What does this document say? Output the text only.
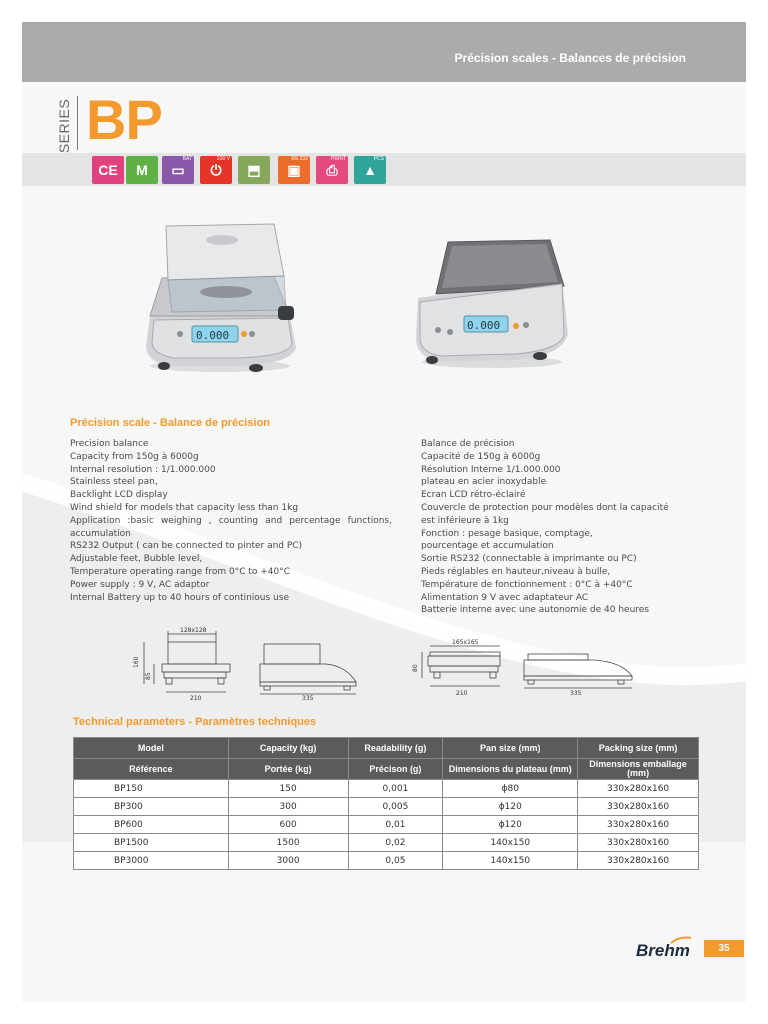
Précision scales - Balances de précision
SERIES BP
0.000
0.000
Précision scale - Balance de précision
Precision balance
Capacity from 150g à 6000g
Internal resolution : 1/1.000.000
Stainless steel pan,
Backlight LCD display
Wind shield for models that capacity less than 1kg
Application :basic weighing , counting and percentage functions,
accumulation
RS232 Output ( can be connected to pinter and PC)
Adjustable feet, Bubble level,
Temperature operating range from 0°C to +40°C
Power supply : 9 V, AC adaptor
Internal Battery up to 40 hours of continious use
Balance de précision
Capacité de 150g à 6000g
Résolution Interne 1/1.000.000
plateau en acier inoxydable
Ecran LCD rétro-éclairé
Couvercle de protection pour modèles dont la capacité
est inférieure à 1kg
Fonction : pesage basique, comptage,
pourcentage et accumulation
Sortie RS232 (connectable à imprimante ou PC)
Pieds réglables en hauteur,niveau à bulle,
Température de fonctionnement : 0°C à +40°C
Alimentation 9 V avec adaptateur AC
Batterie interne avec une autonomie de 40 heures
128x128
160
85
210	335
165x165
80
210	335
Technical parameters - Paramètres techniques
Model	Capacity (kg)	Readability (g)	Pan size (mm)	Packing size (mm)
Référence	Portée (kg)	Précison (g)	Dimensions du plateau (mm)	Dimensions emballage (mm)
BP150	150	0,001	ϕ80	330x280x160
BP300	300	0,005	ϕ120	330x280x160
BP600	600	0,01	ϕ120	330x280x160
BP1500	1500	0,02	140x150	330x280x160
BP3000	3000	0,05	140x150	330x280x160
Brehm	35
CE	M
BAT
▭
220 V
⏻	⬒
RS 232
▣
PRINT
⎙
PCS
▲
